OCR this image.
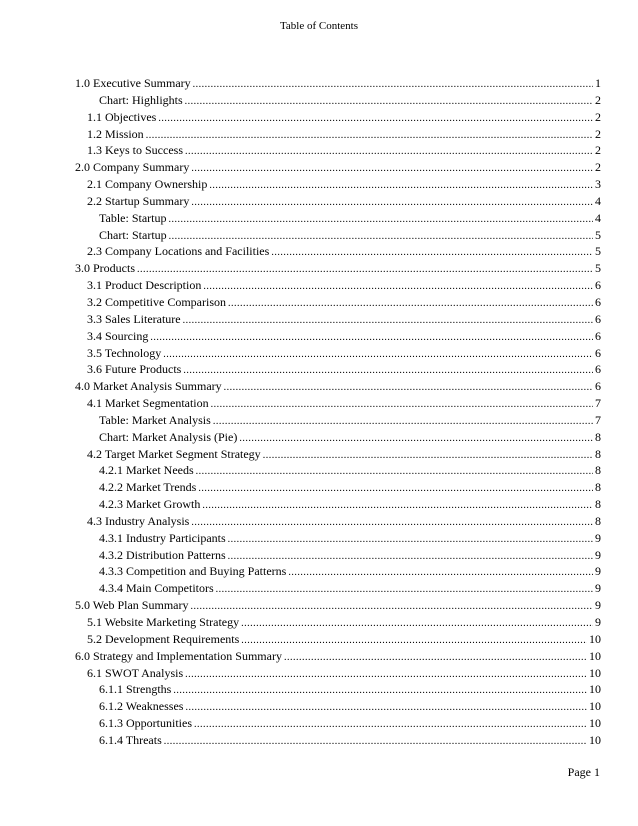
Table of Contents
1.0 Executive Summary .....	1
Chart: Highlights .....	2
1.1 Objectives .....	2
1.2 Mission .....	2
1.3 Keys to Success .....	2
2.0 Company Summary .....	2
2.1 Company Ownership .....	3
2.2 Startup Summary .....	4
Table: Startup .....	4
Chart: Startup .....	5
2.3 Company Locations and Facilities .....	5
3.0 Products .....	5
3.1 Product Description .....	6
3.2 Competitive Comparison .....	6
3.3 Sales Literature .....	6
3.4 Sourcing .....	6
3.5 Technology .....	6
3.6 Future Products .....	6
4.0 Market Analysis Summary .....	6
4.1 Market Segmentation .....	7
Table: Market Analysis .....	7
Chart: Market Analysis (Pie) .....	8
4.2 Target Market Segment Strategy .....	8
4.2.1 Market Needs .....	8
4.2.2 Market Trends .....	8
4.2.3 Market Growth .....	8
4.3 Industry Analysis .....	8
4.3.1 Industry Participants .....	9
4.3.2 Distribution Patterns .....	9
4.3.3 Competition and Buying Patterns .....	9
4.3.4 Main Competitors .....	9
5.0 Web Plan Summary .....	9
5.1 Website Marketing Strategy .....	9
5.2 Development Requirements .....	10
6.0 Strategy and Implementation Summary .....	10
6.1 SWOT Analysis .....	10
6.1.1 Strengths .....	10
6.1.2 Weaknesses .....	10
6.1.3 Opportunities .....	10
6.1.4 Threats .....	10
Page 1
